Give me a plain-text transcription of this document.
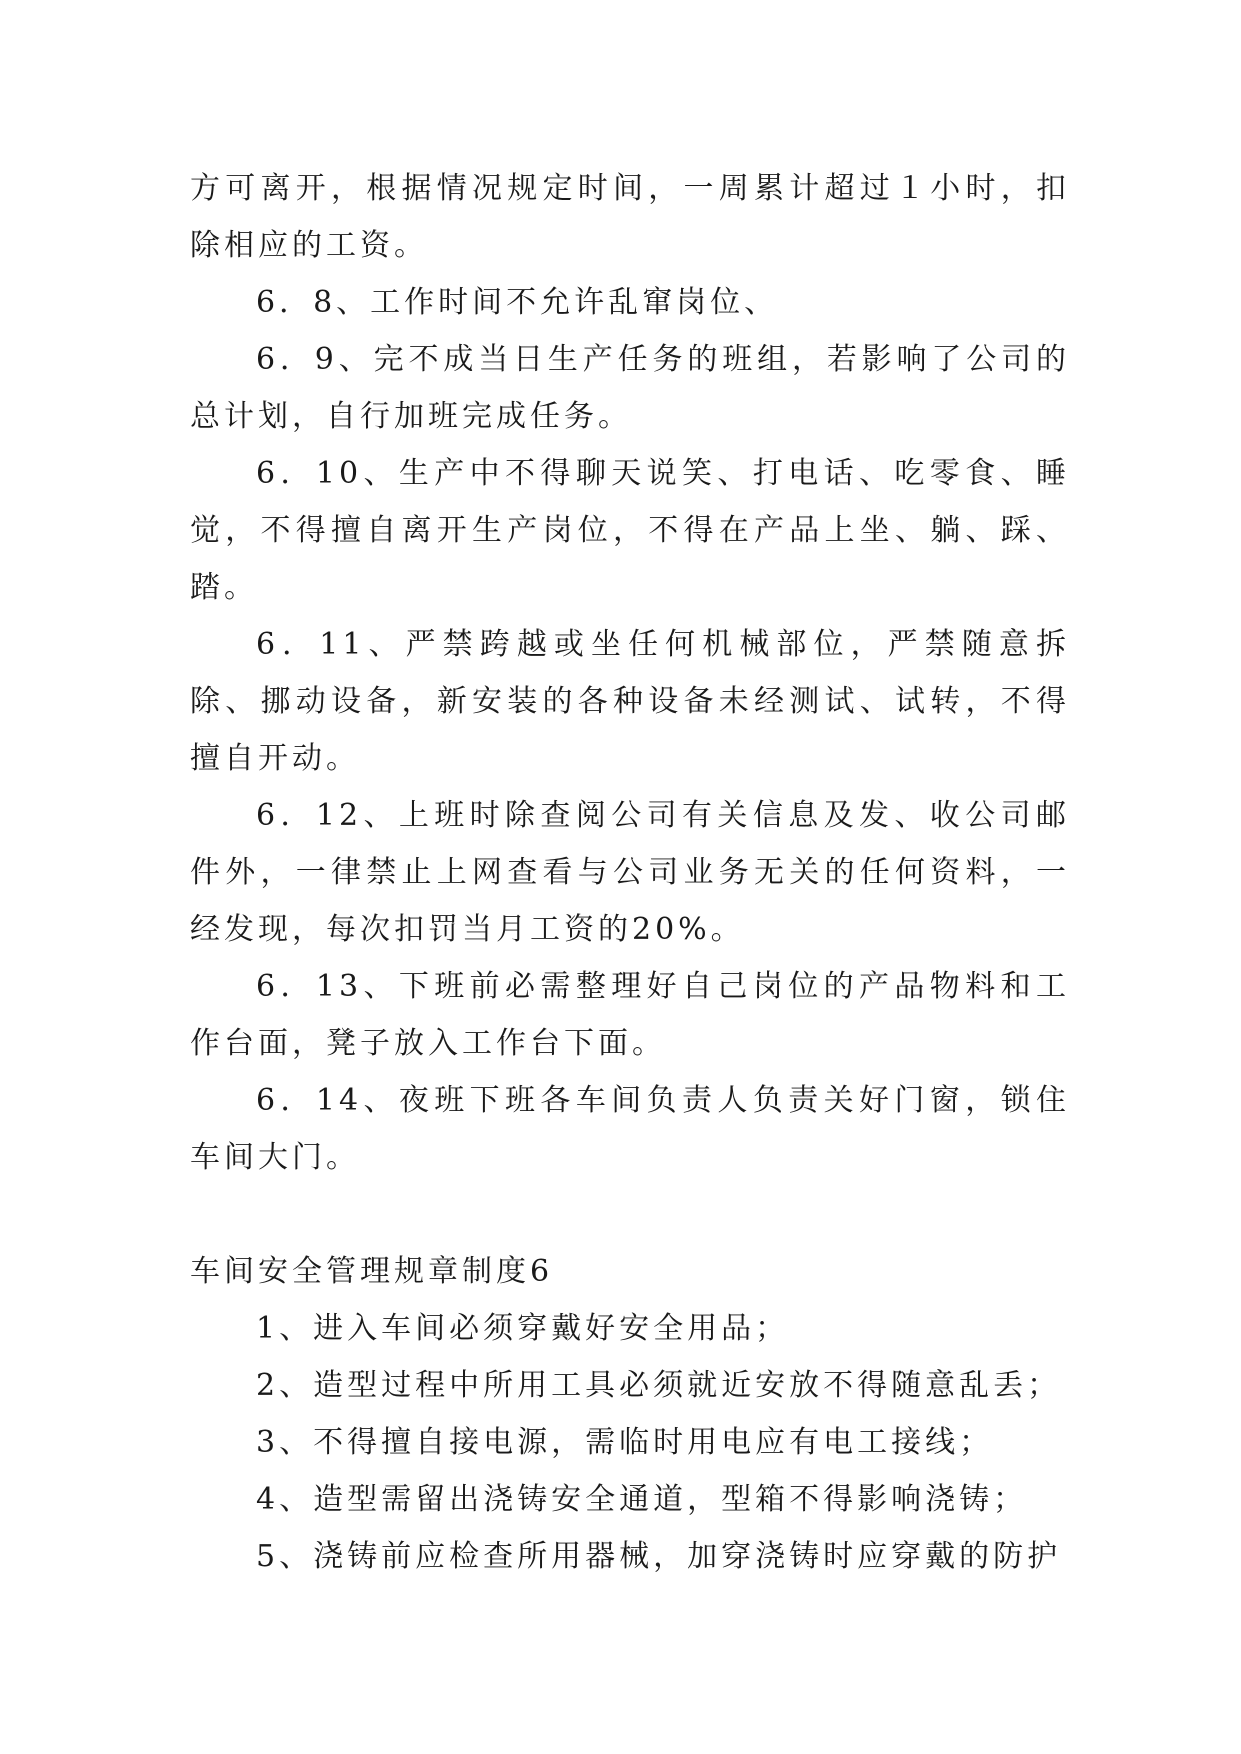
方可离开，根据情况规定时间，一周累计超过１小时，扣除相应的工资。

6．8、工作时间不允许乱窜岗位、

6．9、完不成当日生产任务的班组，若影响了公司的总计划，自行加班完成任务。

6．10、生产中不得聊天说笑、打电话、吃零食、睡觉，不得擅自离开生产岗位，不得在产品上坐、躺、踩、踏。

6．11、严禁跨越或坐任何机械部位，严禁随意拆除、挪动设备，新安装的各种设备未经测试、试转，不得擅自开动。

6．12、上班时除查阅公司有关信息及发、收公司邮件外，一律禁止上网查看与公司业务无关的任何资料，一经发现，每次扣罚当月工资的20%。

6．13、下班前必需整理好自己岗位的产品物料和工作台面，凳子放入工作台下面。

6．14、夜班下班各车间负责人负责关好门窗，锁住车间大门。

车间安全管理规章制度6

1、进入车间必须穿戴好安全用品；

2、造型过程中所用工具必须就近安放不得随意乱丢；

3、不得擅自接电源，需临时用电应有电工接线；

4、造型需留出浇铸安全通道，型箱不得影响浇铸；

5、浇铸前应检查所用器械，加穿浇铸时应穿戴的防护
